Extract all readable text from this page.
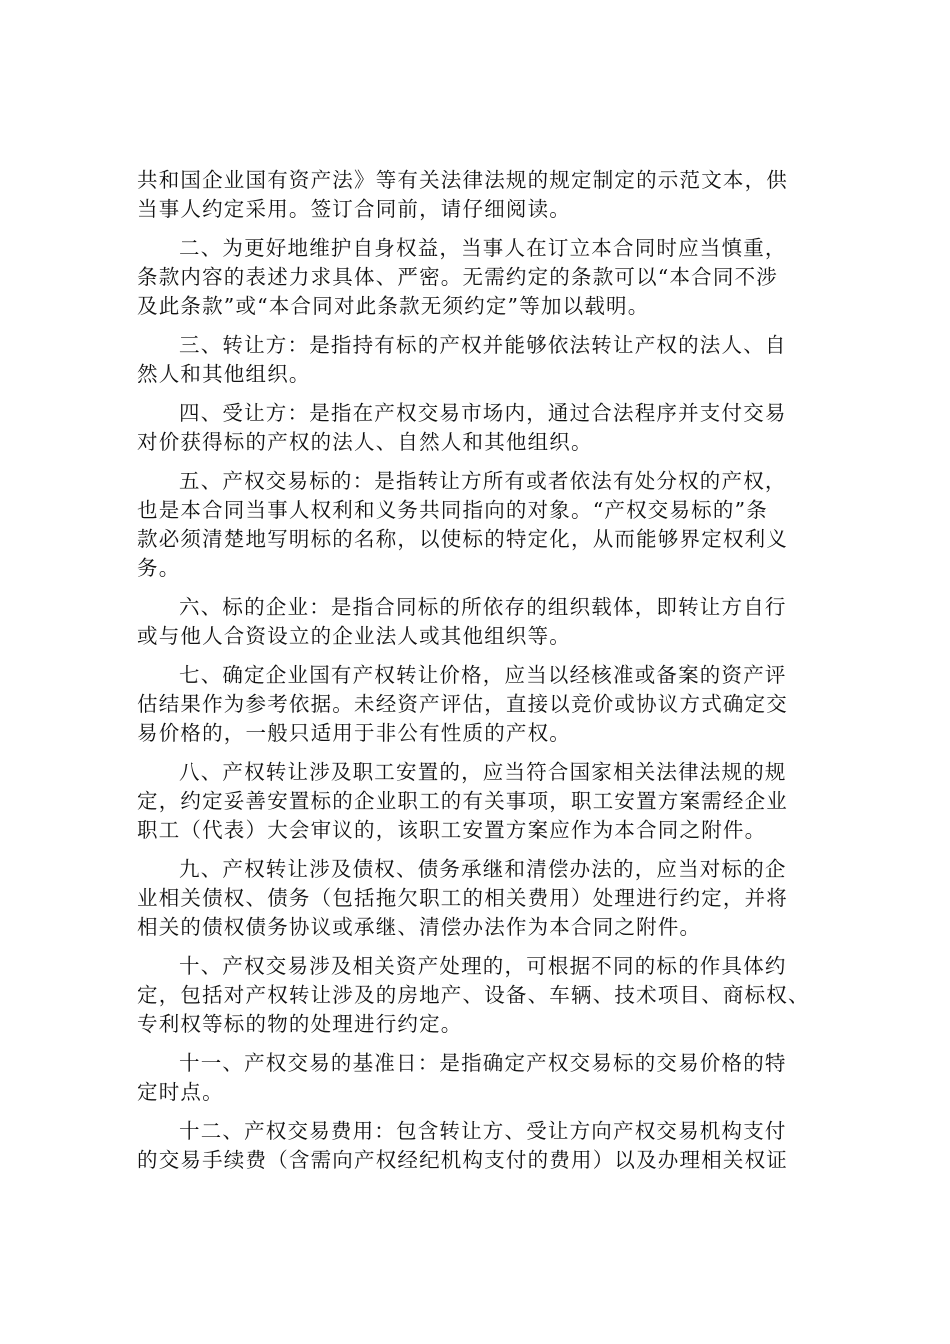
共和国企业国有资产法》等有关法律法规的规定制定的示范文本，供
当事人约定采用。签订合同前，请仔细阅读。
二、为更好地维护自身权益，当事人在订立本合同时应当慎重，
条款内容的表述力求具体、严密。无需约定的条款可以“本合同不涉
及此条款”或“本合同对此条款无须约定”等加以载明。
三、转让方：是指持有标的产权并能够依法转让产权的法人、自
然人和其他组织。
四、受让方：是指在产权交易市场内，通过合法程序并支付交易
对价获得标的产权的法人、自然人和其他组织。
五、产权交易标的：是指转让方所有或者依法有处分权的产权，
也是本合同当事人权利和义务共同指向的对象。“产权交易标的”条
款必须清楚地写明标的名称，以使标的特定化，从而能够界定权利义
务。
六、标的企业：是指合同标的所依存的组织载体，即转让方自行
或与他人合资设立的企业法人或其他组织等。
七、确定企业国有产权转让价格，应当以经核准或备案的资产评
估结果作为参考依据。未经资产评估，直接以竞价或协议方式确定交
易价格的，一般只适用于非公有性质的产权。
八、产权转让涉及职工安置的，应当符合国家相关法律法规的规
定，约定妥善安置标的企业职工的有关事项，职工安置方案需经企业
职工（代表）大会审议的，该职工安置方案应作为本合同之附件。
九、产权转让涉及债权、债务承继和清偿办法的，应当对标的企
业相关债权、债务（包括拖欠职工的相关费用）处理进行约定，并将
相关的债权债务协议或承继、清偿办法作为本合同之附件。
十、产权交易涉及相关资产处理的，可根据不同的标的作具体约
定，包括对产权转让涉及的房地产、设备、车辆、技术项目、商标权、
专利权等标的物的处理进行约定。
十一、产权交易的基准日：是指确定产权交易标的交易价格的特
定时点。
十二、产权交易费用：包含转让方、受让方向产权交易机构支付
的交易手续费（含需向产权经纪机构支付的费用）以及办理相关权证
